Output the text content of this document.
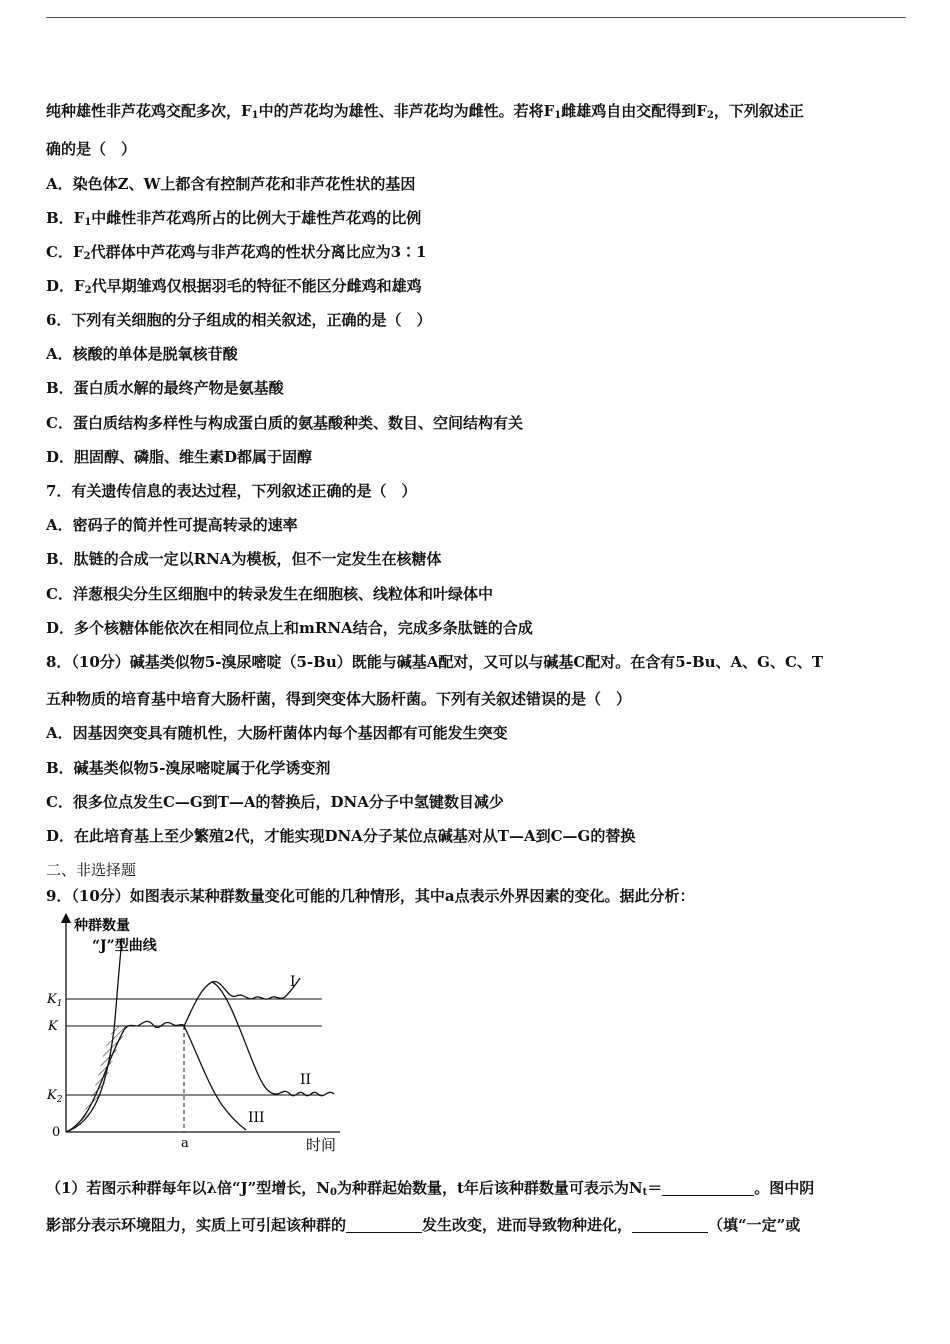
纯种雄性非芦花鸡交配多次，$F_1$中的芦花均为雄性、非芦花均为雌性。若将$F_1$雌雄鸡自由交配得到$F_2$，下列叙述正
确的是（　）
A．染色体Z、W上都含有控制芦花和非芦花性状的基因
B．$F_1$中雌性非芦花鸡所占的比例大于雄性芦花鸡的比例
C．$F_2$代群体中芦花鸡与非芦花鸡的性状分离比应为3∶1
D．$F_2$代早期雏鸡仅根据羽毛的特征不能区分雌鸡和雄鸡
6．下列有关细胞的分子组成的相关叙述，正确的是（　）
A．核酸的单体是脱氧核苷酸
B．蛋白质水解的最终产物是氨基酸
C．蛋白质结构多样性与构成蛋白质的氨基酸种类、数目、空间结构有关
D．胆固醇、磷脂、维生素D都属于固醇
7．有关遗传信息的表达过程，下列叙述正确的是（　）
A．密码子的简并性可提高转录的速率
B．肽链的合成一定以RNA为模板，但不一定发生在核糖体
C．洋葱根尖分生区细胞中的转录发生在细胞核、线粒体和叶绿体中
D．多个核糖体能依次在相同位点上和mRNA结合，完成多条肽链的合成
8．（10分）碱基类似物5-溴尿嘧啶（5-Bu）既能与碱基A配对，又可以与碱基C配对。在含有5-Bu、A、G、C、T
五种物质的培育基中培育大肠杆菌，得到突变体大肠杆菌。下列有关叙述错误的是（　）
A．因基因突变具有随机性，大肠杆菌体内每个基因都有可能发生突变
B．碱基类似物5-溴尿嘧啶属于化学诱变剂
C．很多位点发生C—G到T—A的替换后，DNA分子中氢键数目减少
D．在此培育基上至少繁殖2代，才能实现DNA分子某位点碱基对从T—A到C—G的替换
二、非选择题
9．（10分）如图表示某种群数量变化可能的几种情形，其中a点表示外界因素的变化。据此分析：
种群数量
“J”型曲线
$K_1$
K
$K_2$
0
a	时间
I
II
III
（1）若图示种群每年以λ倍“J”型增长，$N_0$为种群起始数量，t年后该种群数量可表示为$N_t=$	。图中阴
影部分表示环境阻力，实质上可引起该种群的	发生改变，进而导致物种进化，	（填“一定”或
